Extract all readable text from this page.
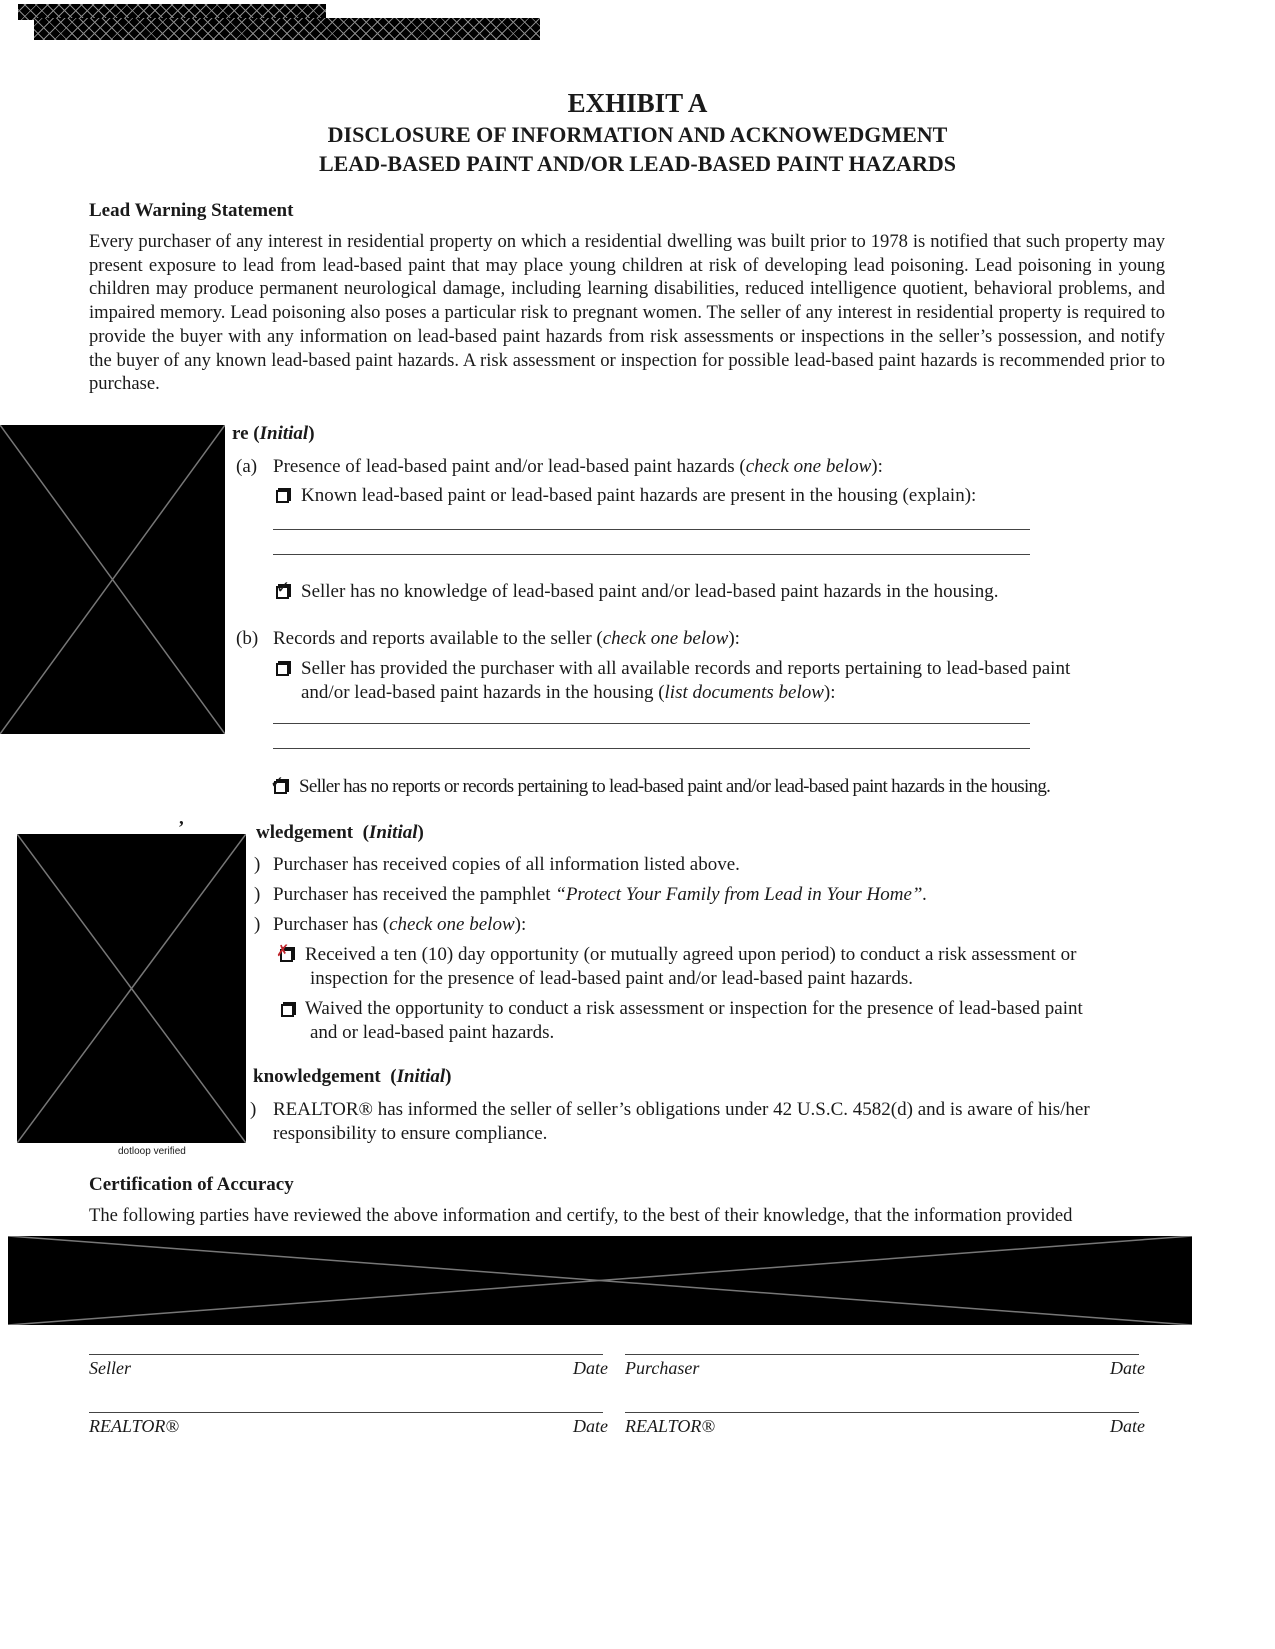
EXHIBIT A
DISCLOSURE OF INFORMATION AND ACKNOWEDGMENT
LEAD-BASED PAINT AND/OR LEAD-BASED PAINT HAZARDS
Lead Warning Statement
Every purchaser of any interest in residential property on which a residential dwelling was built prior to 1978 is notified that such property may present exposure to lead from lead-based paint that may place young children at risk of developing lead poisoning. Lead poisoning in young children may produce permanent neurological damage, including learning disabilities, reduced intelligence quotient, behavioral problems, and impaired memory. Lead poisoning also poses a particular risk to pregnant women. The seller of any interest in residential property is required to provide the buyer with any information on lead-based paint hazards from risk assessments or inspections in the seller’s possession, and notify the buyer of any known lead-based paint hazards. A risk assessment or inspection for possible lead-based paint hazards is recommended prior to purchase.
re (Initial)
(a) Presence of lead-based paint and/or lead-based paint hazards (check one below):
Known lead-based paint or lead-based paint hazards are present in the housing (explain):
✓ Seller has no knowledge of lead-based paint and/or lead-based paint hazards in the housing.
(b) Records and reports available to the seller (check one below):
Seller has provided the purchaser with all available records and reports pertaining to lead-based paint
and/or lead-based paint hazards in the housing (list documents below):
✓ Seller has no reports or records pertaining to lead-based paint and/or lead-based paint hazards in the housing.
,
dotloop verified
wledgement  (Initial)
) Purchaser has received copies of all information listed above.
) Purchaser has received the pamphlet “Protect Your Family from Lead in Your Home”.
) Purchaser has (check one below):
✗ Received a ten (10) day opportunity (or mutually agreed upon period) to conduct a risk assessment or
inspection for the presence of lead-based paint and/or lead-based paint hazards.
Waived the opportunity to conduct a risk assessment or inspection for the presence of lead-based paint
and or lead-based paint hazards.
knowledgement  (Initial)
) REALTOR® has informed the seller of seller’s obligations under 42 U.S.C. 4582(d) and is aware of his/her
responsibility to ensure compliance.
Certification of Accuracy
The following parties have reviewed the above information and certify, to the best of their knowledge, that the information provided
Seller	Date Purchaser	Date
REALTOR®	Date REALTOR®	Date
